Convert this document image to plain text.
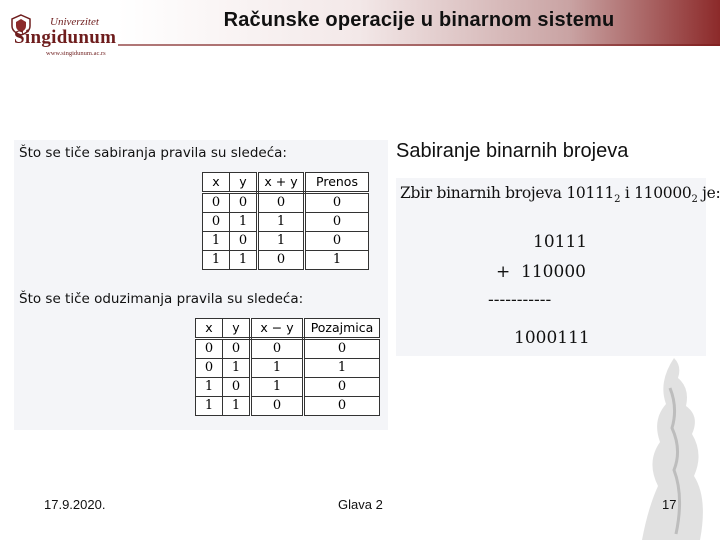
Računske operacije u binarnom sistemu
Univerzitet
Singidunum
www.singidunum.ac.rs
Što se tiče sabiranja pravila su sledeća:
x	y	x + y	Prenos
0	0	0	0
0	1	1	0
1	0	1	0
1	1	0	1
Što se tiče oduzimanja pravila su sledeća:
x	y	x − y	Pozajmica
0	0	0	0
0	1	1	1
1	0	1	0
1	1	0	0
Sabiranje binarnih brojeva
Zbir binarnih brojeva $10111_2$ i $110000_2$ je:
10111
+  110000
-----------
1000111
17.9.2020.	Glava 2	17
